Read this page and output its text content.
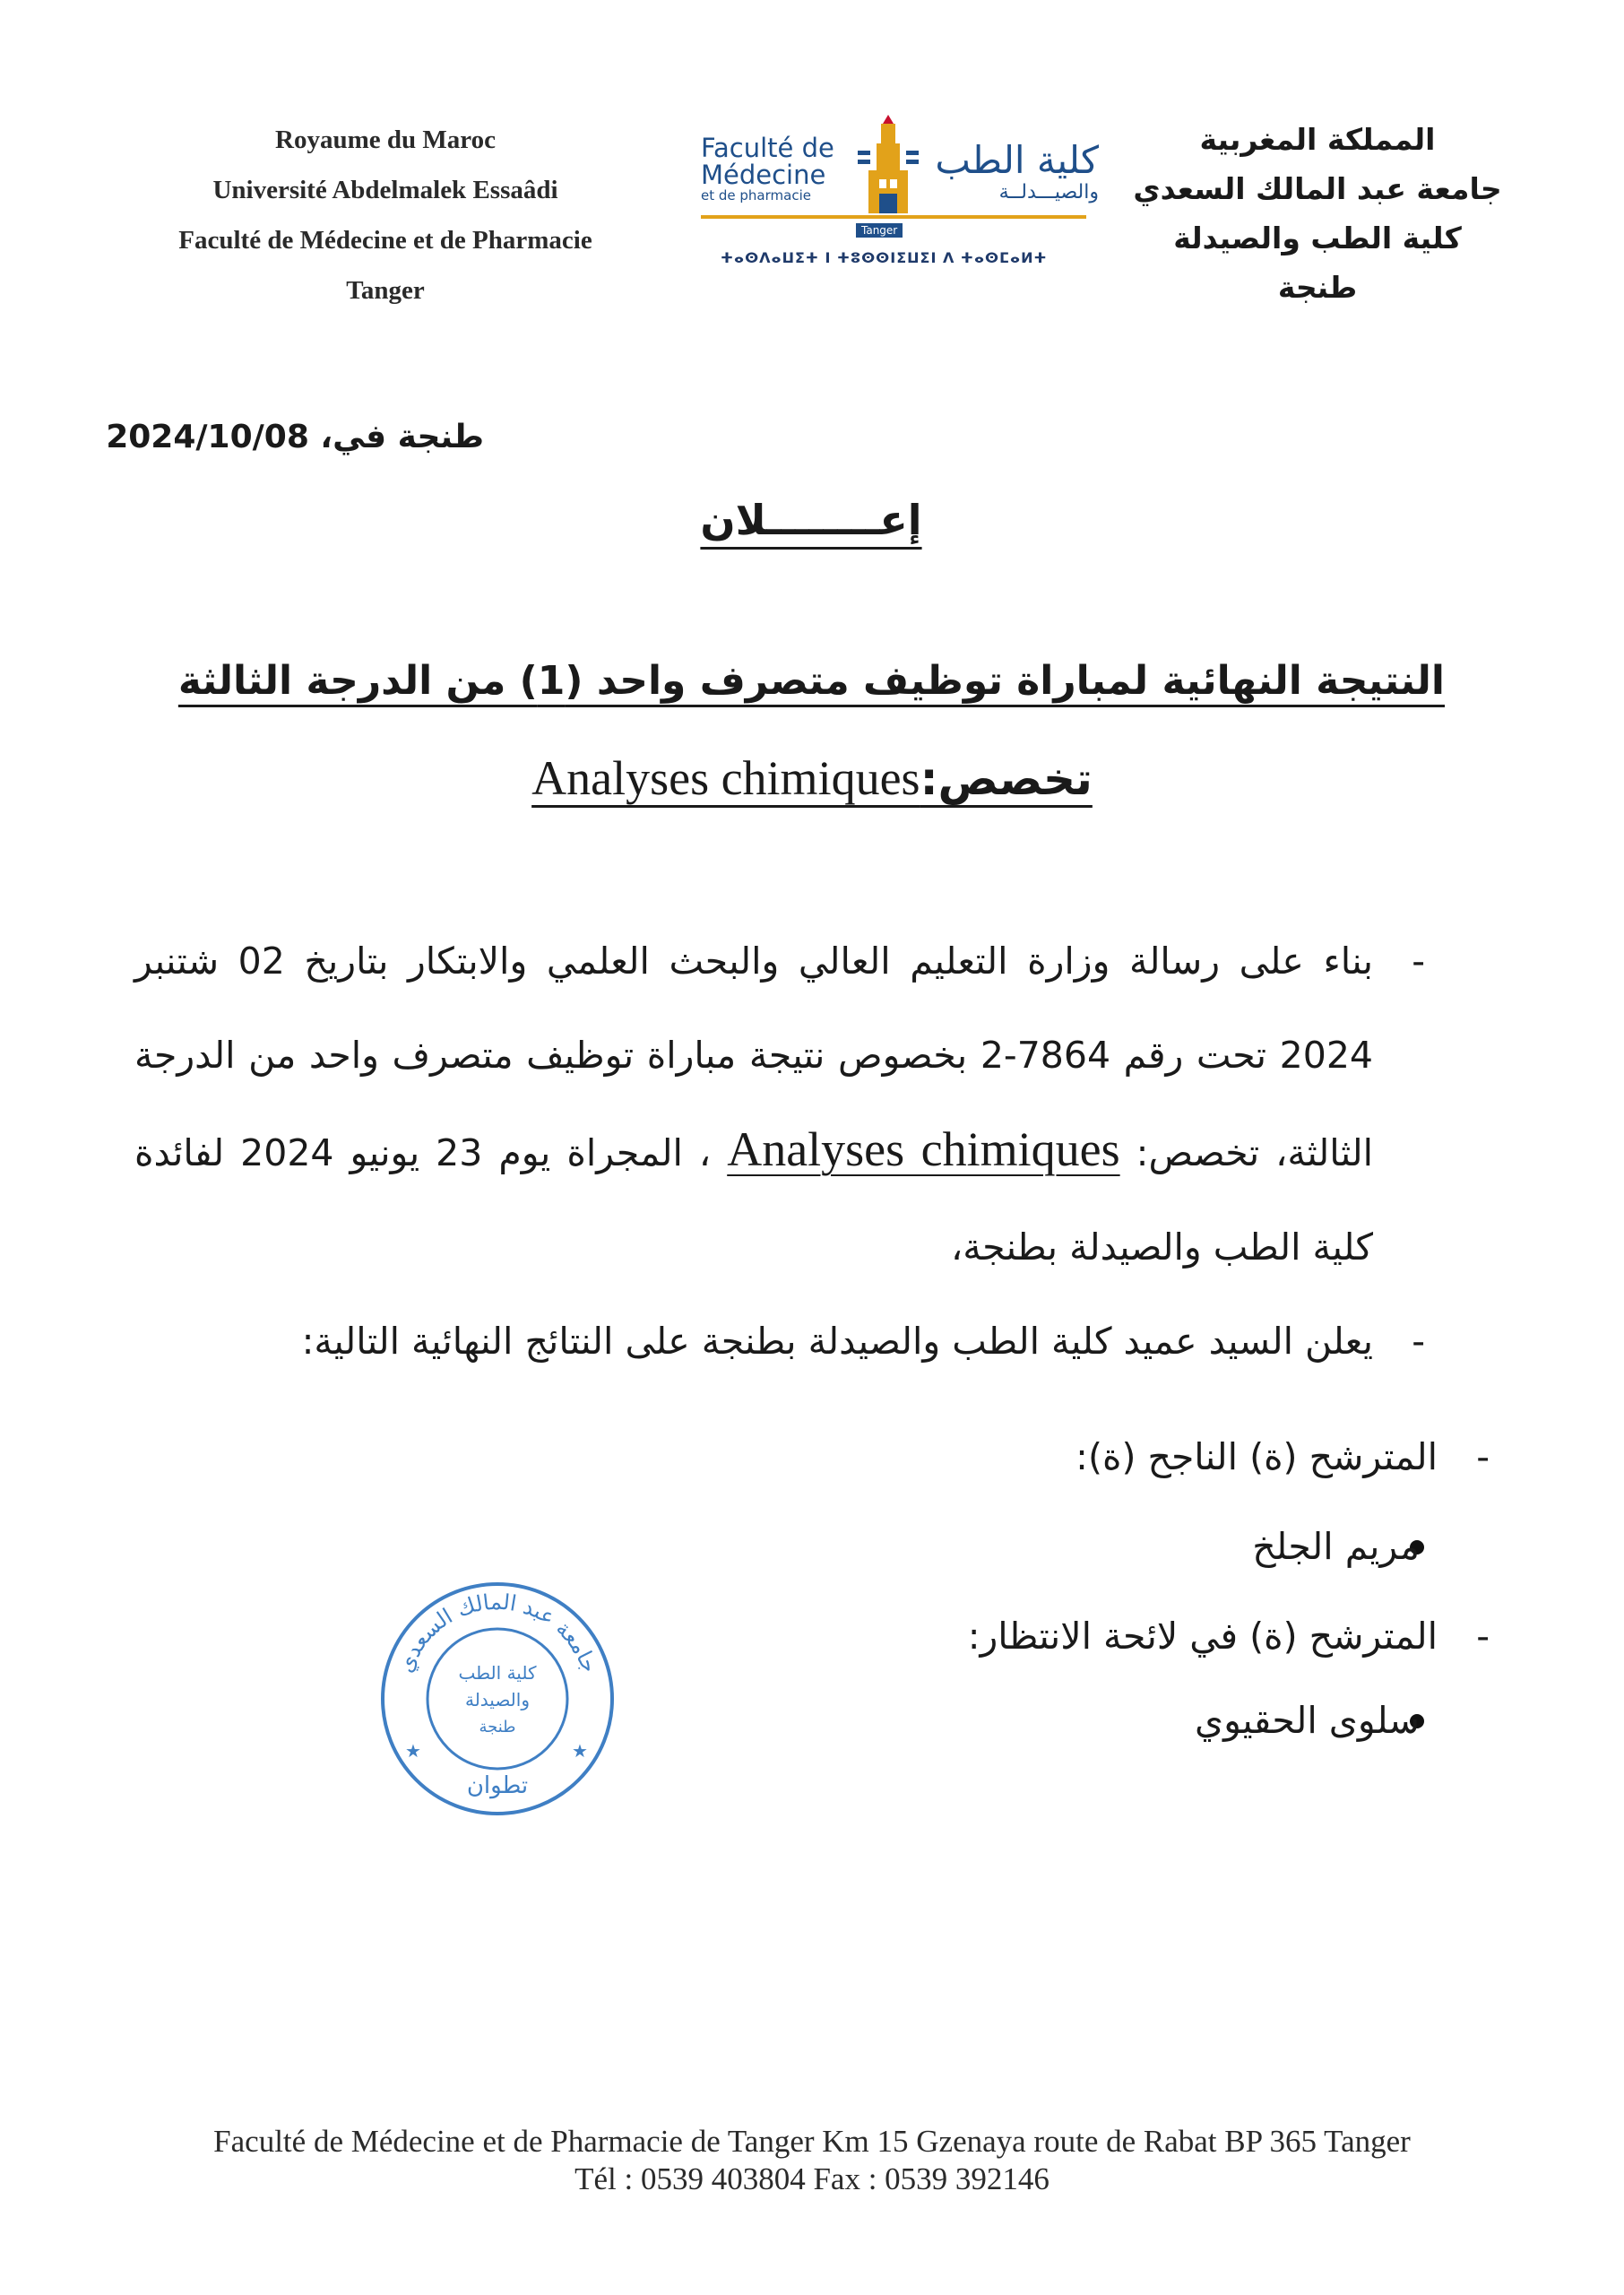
Royaume du Maroc
Université Abdelmalek Essaâdi
Faculté de Médecine et de Pharmacie
Tanger
Faculté de
Médecine
et de pharmacie
كلية الطب
والصيـــدلــة
Tanger
ⵜⴰⵙⴷⴰⵡⵉⵜ ⵏ ⵜⵓⵙⵙⵏⵉⵡⵉⵏ ⴷ ⵜⴰⵙⵎⴰⵍⵜ
المملكة المغربية
جامعة عبد المالك السعدي
كلية الطب والصيدلة
طنجة
طنجة في، 2024/10/08
إعــــــــلان
النتيجة النهائية لمباراة توظيف متصرف واحد (1) من الدرجة الثالثة
Analyses chimiquesتخصص:
- بناء على رسالة وزارة التعليم العالي والبحث العلمي والابتكار بتاريخ 02 شتنبر 2024 تحت رقم 7864-2 بخصوص نتيجة مباراة توظيف متصرف واحد من الدرجة الثالثة، تخصص: Analyses chimiques ، المجراة يوم 23 يونيو 2024 لفائدة كلية الطب والصيدلة بطنجة،
- يعلن السيد عميد كلية الطب والصيدلة بطنجة على النتائج النهائية التالية:
-المترشح (ة) الناجح (ة):
مريم الجلخ
-المترشح (ة) في لائحة الانتظار:
سلوى الحقيوي
جامعة عبد المالك السعدي
كلية الطب
والصيدلة
طنجة
تطوان
★	★
Faculté de Médecine et de Pharmacie de Tanger Km 15 Gzenaya route de Rabat BP 365 Tanger
Tél : 0539 403804 Fax : 0539 392146
